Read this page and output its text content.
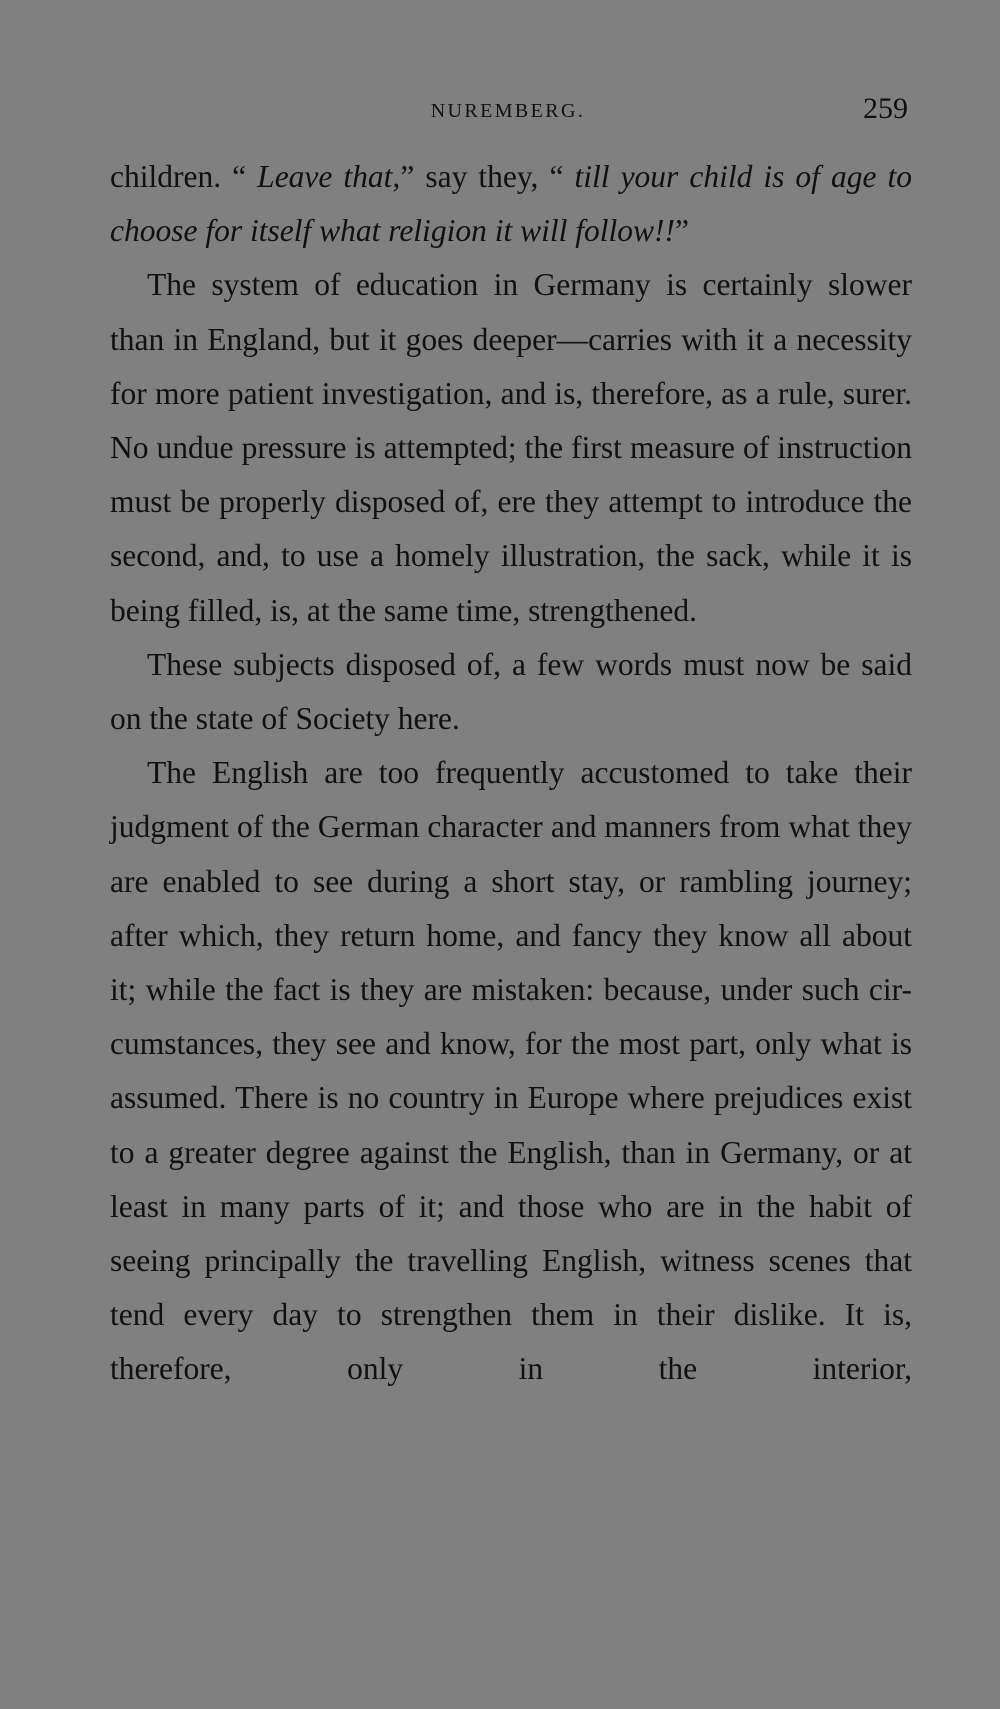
NUREMBERG.	259

children. “ Leave that,” say they, “ till your child is of age to choose for itself what religion it will follow!!”

The system of education in Germany is certainly slower than in England, but it goes deeper—carries with it a necessity for more patient investigation, and is, therefore, as a rule, surer. No undue pressure is attempted; the first measure of instruction must be properly disposed of, ere they attempt to introduce the second, and, to use a homely illustration, the sack, while it is being filled, is, at the same time, strengthened.

These subjects disposed of, a few words must now be said on the state of Society here.

The English are too frequently accustomed to take their judgment of the German character and manners from what they are enabled to see during a short stay, or rambling journey; after which, they return home, and fancy they know all about it; while the fact is they are mistaken: because, under such cir-cumstances, they see and know, for the most part, only what is assumed. There is no country in Europe where prejudices exist to a greater degree against the English, than in Germany, or at least in many parts of it; and those who are in the habit of seeing principally the travelling English, witness scenes that tend every day to strengthen them in their dislike. It is, therefore, only in the interior,
